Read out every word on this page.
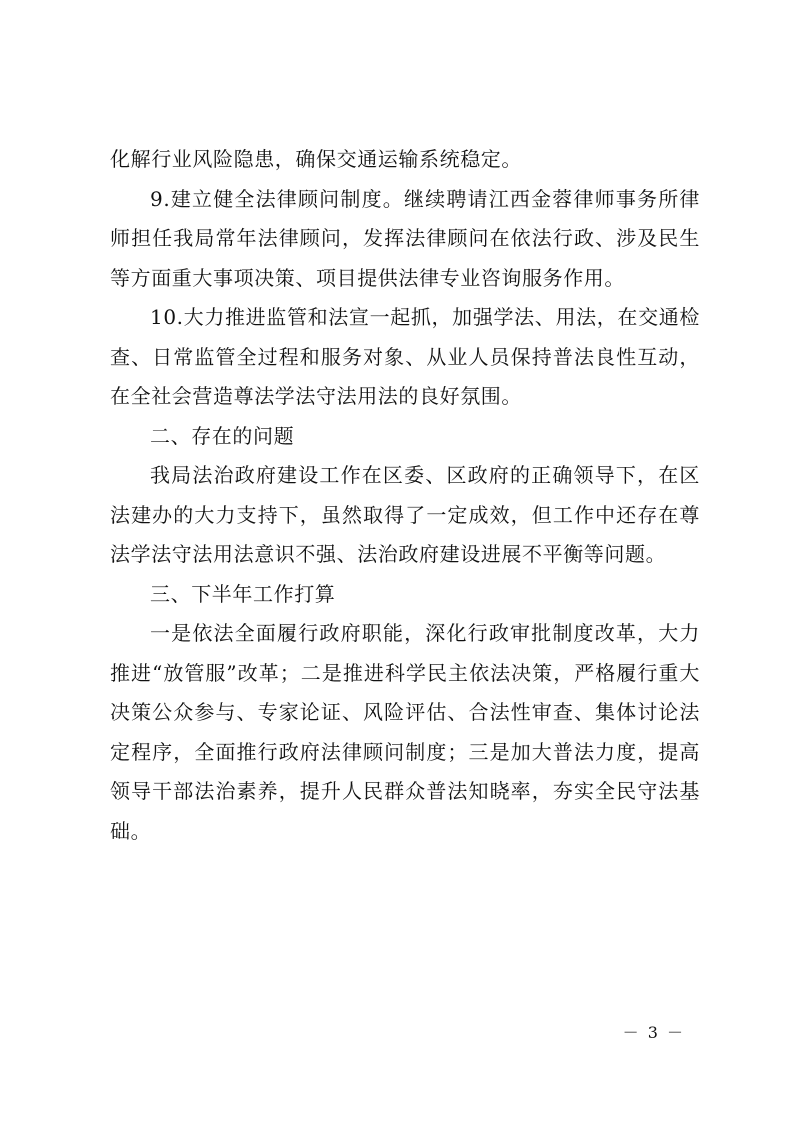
化解行业风险隐患，确保交通运输系统稳定。

9.建立健全法律顾问制度。继续聘请江西金蓉律师事务所律师担任我局常年法律顾问，发挥法律顾问在依法行政、涉及民生等方面重大事项决策、项目提供法律专业咨询服务作用。

10.大力推进监管和法宣一起抓，加强学法、用法，在交通检查、日常监管全过程和服务对象、从业人员保持普法良性互动，在全社会营造尊法学法守法用法的良好氛围。

二、存在的问题

我局法治政府建设工作在区委、区政府的正确领导下，在区法建办的大力支持下，虽然取得了一定成效，但工作中还存在尊法学法守法用法意识不强、法治政府建设进展不平衡等问题。

三、下半年工作打算

一是依法全面履行政府职能，深化行政审批制度改革，大力推进“放管服”改革；二是推进科学民主依法决策，严格履行重大决策公众参与、专家论证、风险评估、合法性审查、集体讨论法定程序，全面推行政府法律顾问制度；三是加大普法力度，提高领导干部法治素养，提升人民群众普法知晓率，夯实全民守法基础。

－ 3 －
